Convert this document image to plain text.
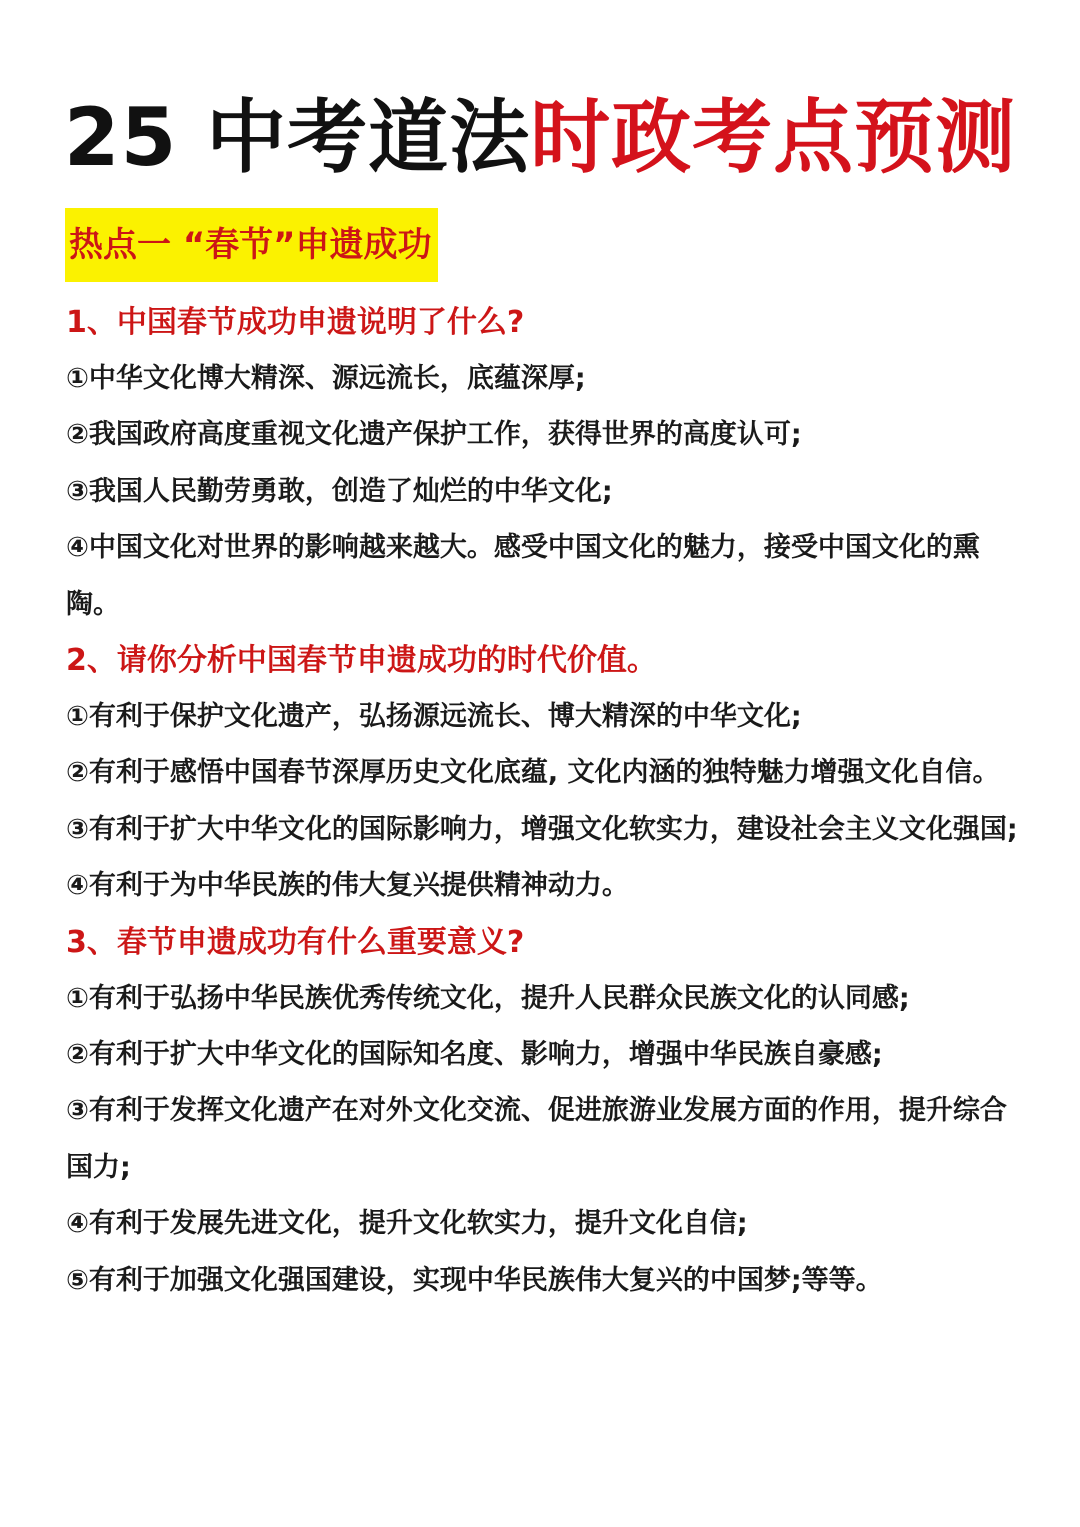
25 中考道法时政考点预测
热点一 “春节”申遗成功
1、中国春节成功申遗说明了什么?

①中华文化博大精深、源远流长，底蕴深厚;

②我国政府高度重视文化遗产保护工作，获得世界的高度认可;

③我国人民勤劳勇敢，创造了灿烂的中华文化;

④中国文化对世界的影响越来越大。感受中国文化的魅力，接受中国文化的熏陶。

2、请你分析中国春节申遗成功的时代价值。

①有利于保护文化遗产，弘扬源远流长、博大精深的中华文化;

②有利于感悟中国春节深厚历史文化底蕴, 文化内涵的独特魅力增强文化自信。

③有利于扩大中华文化的国际影响力，增强文化软实力，建设社会主义文化强国;

④有利于为中华民族的伟大复兴提供精神动力。

3、春节申遗成功有什么重要意义?

①有利于弘扬中华民族优秀传统文化，提升人民群众民族文化的认同感;

②有利于扩大中华文化的国际知名度、影响力，增强中华民族自豪感;

③有利于发挥文化遗产在对外文化交流、促进旅游业发展方面的作用，提升综合国力;

④有利于发展先进文化，提升文化软实力，提升文化自信;

⑤有利于加强文化强国建设，实现中华民族伟大复兴的中国梦;等等。
